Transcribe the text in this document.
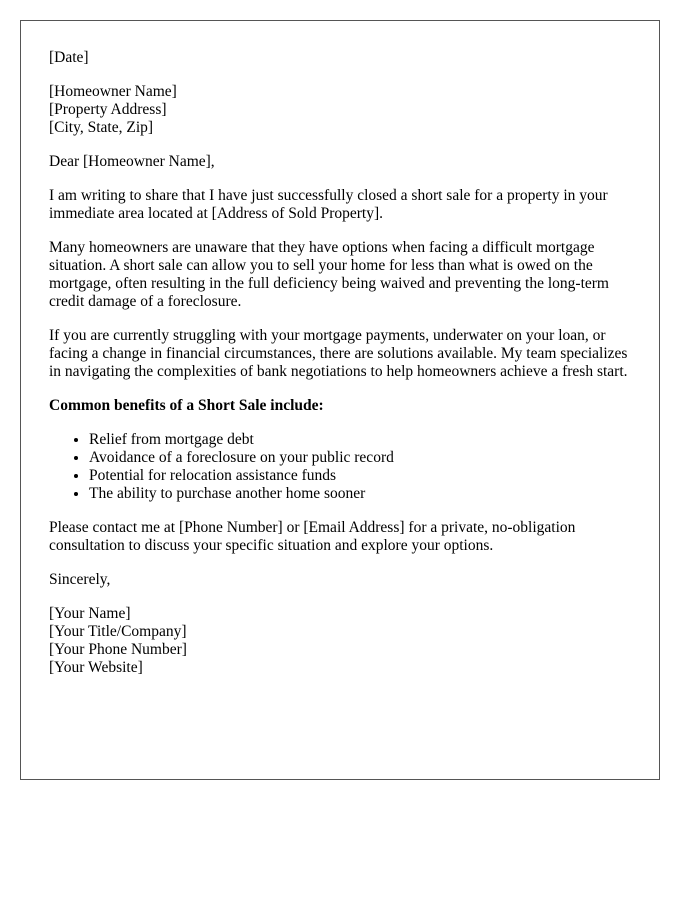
[Date]

[Homeowner Name]
[Property Address]
[City, State, Zip]

Dear [Homeowner Name],

I am writing to share that I have just successfully closed a short sale for a property in your immediate area located at [Address of Sold Property].

Many homeowners are unaware that they have options when facing a difficult mortgage situation. A short sale can allow you to sell your home for less than what is owed on the mortgage, often resulting in the full deficiency being waived and preventing the long-term credit damage of a foreclosure.

If you are currently struggling with your mortgage payments, underwater on your loan, or facing a change in financial circumstances, there are solutions available. My team specializes in navigating the complexities of bank negotiations to help homeowners achieve a fresh start.

Common benefits of a Short Sale include:

• Relief from mortgage debt
• Avoidance of a foreclosure on your public record
• Potential for relocation assistance funds
• The ability to purchase another home sooner

Please contact me at [Phone Number] or [Email Address] for a private, no-obligation consultation to discuss your specific situation and explore your options.

Sincerely,

[Your Name]
[Your Title/Company]
[Your Phone Number]
[Your Website]
